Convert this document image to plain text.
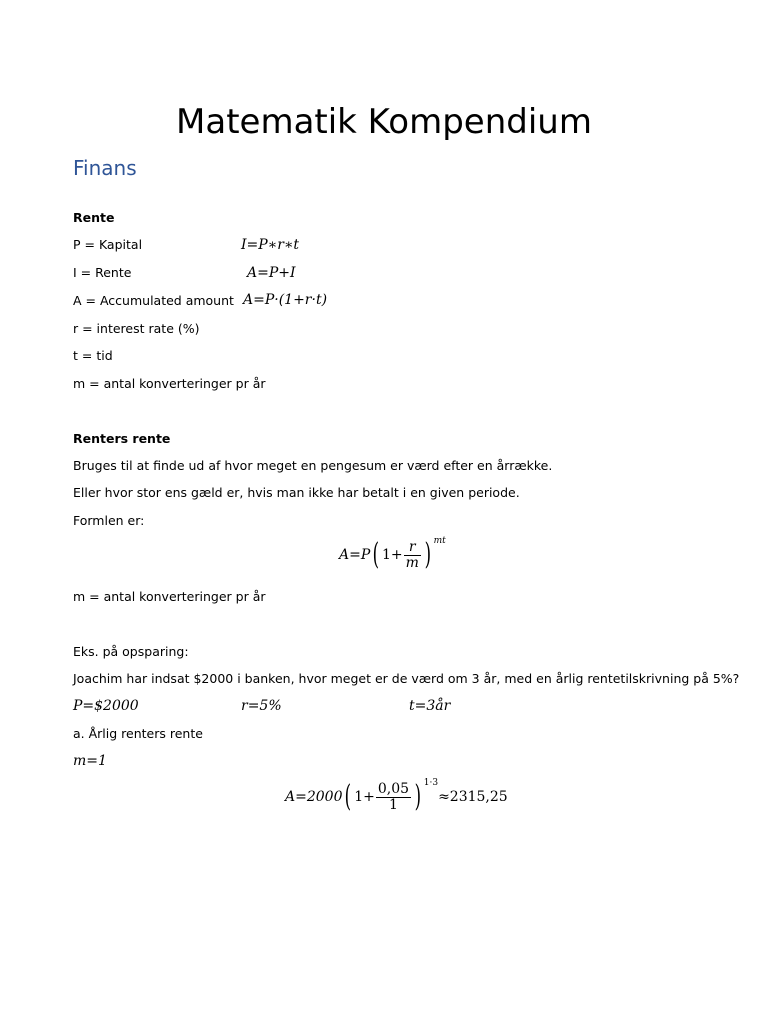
Matematik Kompendium
Finans
Rente
P = Kapital
I = Rente
A = Accumulated amount
r = interest rate (%)
t = tid
m = antal konverteringer pr år
I=P∗r∗t
A=P+I
A=P·(1+r·t)
Renters rente
Bruges til at finde ud af hvor meget en pengesum er værd efter en årrække.
Eller hvor stor ens gæld er, hvis man ikke har betalt i en given periode.
Formlen er:
A=P ( $1+ \frac{r}{m}$ ) mt
m = antal konverteringer pr år
Eks. på opsparing:
Joachim har indsat $2000 i banken, hvor meget er de værd om 3 år, med en årlig rentetilskrivning på 5%?
P=$2000	r=5%	t=3år
a. Årlig renters rente
m=1
A=2000 ( $1+ \frac{0,05}{1}$ ) 1·3
≈2315,25
